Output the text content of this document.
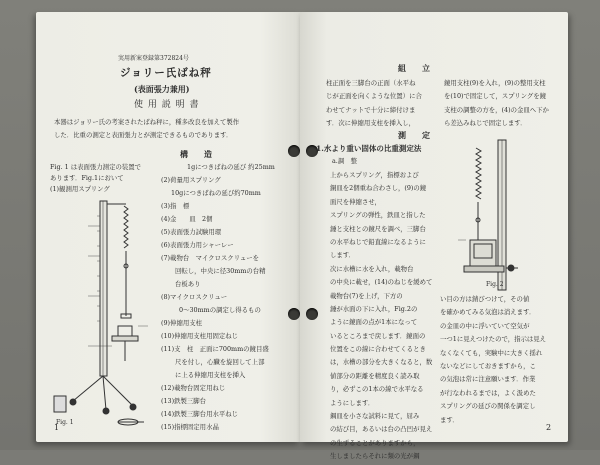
実用新案登録第372824号
ジョリー氏ばね秤
(表面張力兼用)
使 用 説 明 書
本器はジョリー氏の考案されたばね秤に，種多改良を加えて製作
した．比重の測定と表面張力とが測定できるものであります．
構　　造
Fig. 1 は表面張力測定の装置で
あります．Fig.1において
(1)観測用スプリング
1gにつきばねの延び 約25mm
(2)荷量用スプリング
10gにつきばねの延び約70mm
(3)指　標
(4)金　　皿　2個
(5)表面張力試験用環
(6)表面張力用シャーレー
(7)載物台　マイクロスクリューを
回転し，中央に径30mmの台精
台板あり
(8)マイクロスクリュー
0〜30mmの調定し得るもの
(9)伸縮用支柱
(10)伸縮用支柱用固定ねじ
(11)支　柱　正面に700mmの鏡目盛
尺を付し，心臓を旋回して上部
に上る伸縮用支柱を挿入
(12)載物台固定用ねじ
(13)鉄製三脚台
(14)鉄製三脚台用水平ねじ
(15)指標固定用水晶
Fig. 1
1
組　　立
柱正面を三脚台の正面（水平ね
じが正面を向くような位置）に合
わせてナットで十分に締付けま
す．次に伸縮用支柱を挿入し，
鏡用支柱(9)を入れ，(9)の整用支柱
を(10)で固定して，スプリングを鏡
支柱の調整の方を，(4)の金皿へ下か
ら差込みねじで固定します．
測　　定
1.水より重い固体の比重測定法
a.調　整
上からスプリング，指標および
銅皿を2個重ね合わさし，(9)の鏡
面尺を伸縮させ，
スプリングの弾性，鉄皿と指した
錘と支柱との鏡尺を調べ，三脚台
の水平ねじで鉛直線になるように
します．
次に水槽に水を入れ，載物台
の中央に載せ，(14)のねじを緩めて
載物台(7)を上げ，下方の
錘が水面の下に入れ，Fig.2の
ように鏡面の点が1本になって
いるところまで戻します．鏡面の
位置をこの線に合わせてくるとき
は，水槽の部分を大きくなると，数
値部分の距離を精度良く読み取
り，必ずこの1本の線で水平なる
ようにします．
鋼皿を小さな試料に見て，屈み
の結び目，あるいは台の凸凹が見え
の生ずることがありますから，
生しましたらそれに類の光が鋼
Fig. 2
い目の方は錆びつけて，その値
を確かめてみる気泡は消えます．
の金皿の中に浮いていて空気が
一つ1に見えつけたので，指示は見え
なくなくても，実験中に大きく揺れ
ないなどにしておきますから，こ
の気泡は常に注意願います．作業
が行なわれるまでは，よく汲めた
スプリングの延びの関係を調定し
ます．
2
